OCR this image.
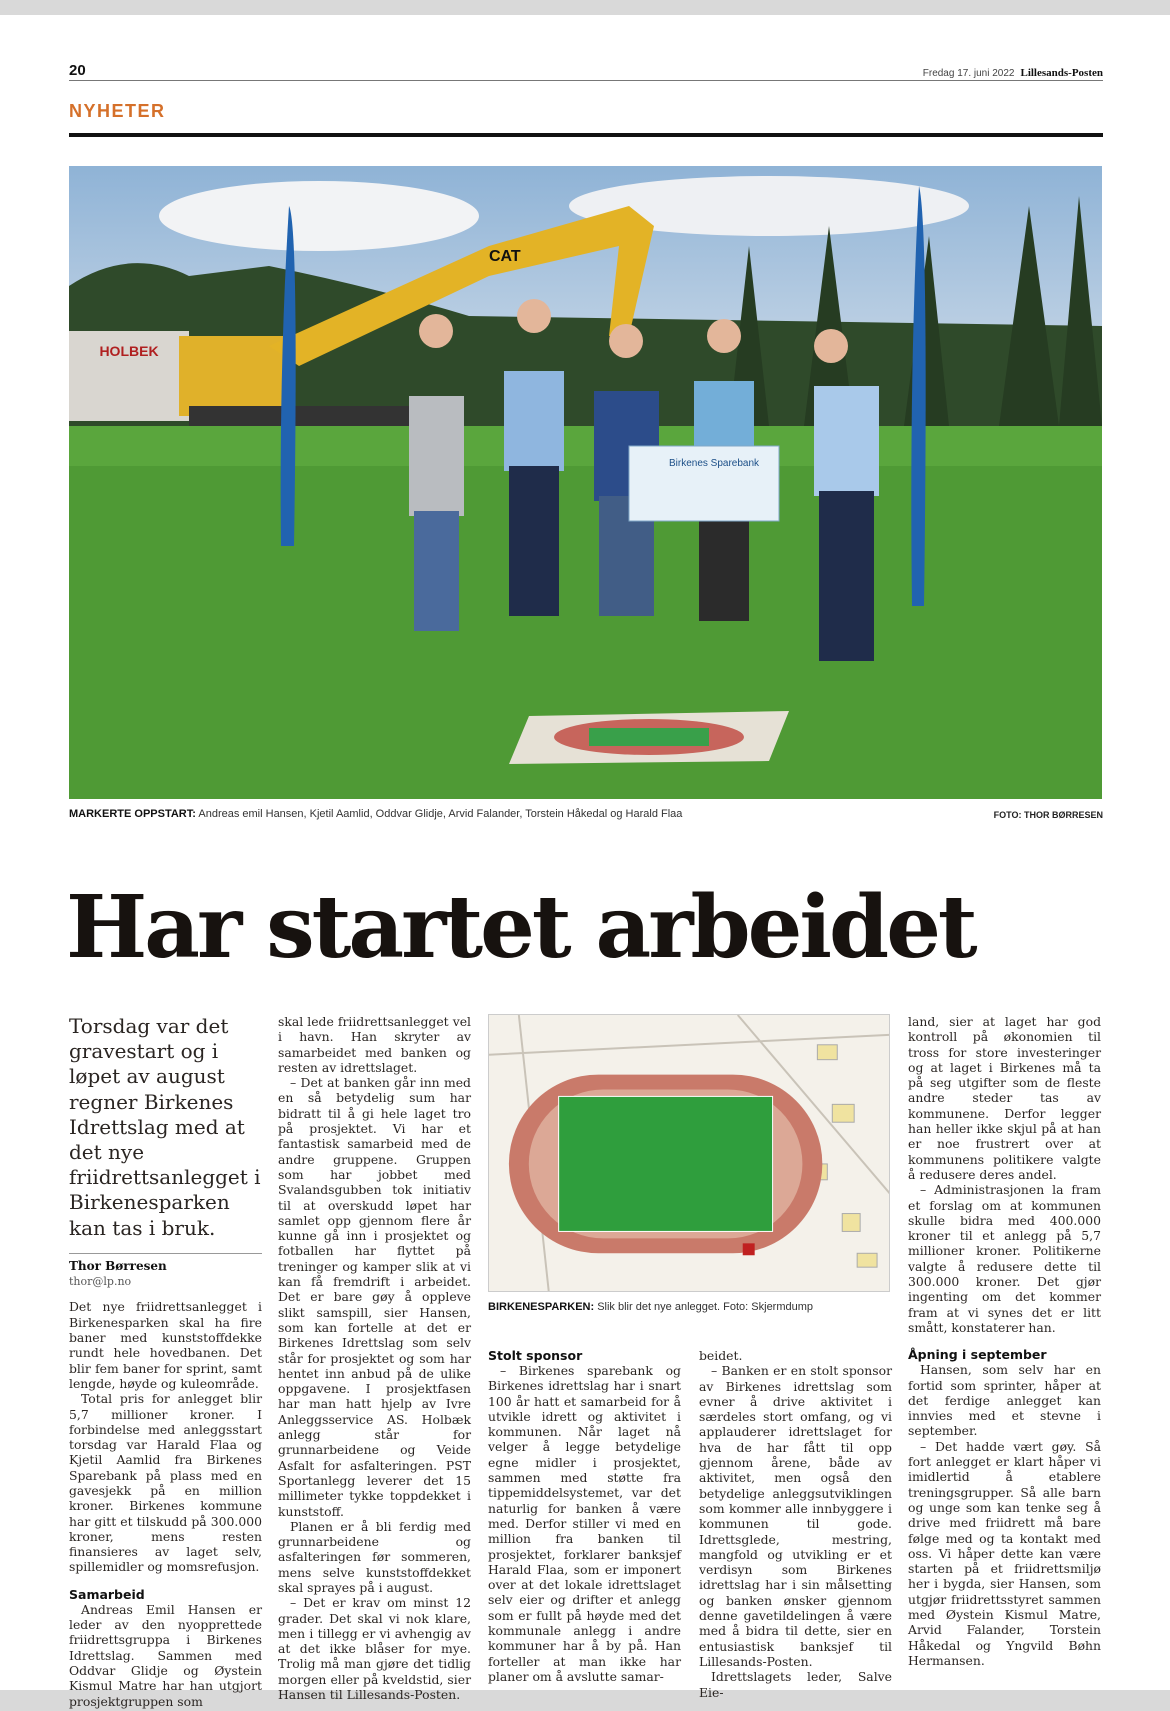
20	Fredag 17. juni 2022 Lillesands-Posten
NYHETER
HOLBEK
CAT
Birkenes Sparebank
MARKERTE OPPSTART: Andreas emil Hansen, Kjetil Aamlid, Oddvar Glidje, Arvid Falander, Torstein Håkedal og Harald Flaa	FOTO: THOR BØRRESEN
Har startet arbeidet
Torsdag var det gravestart og i løpet av august regner Birkenes Idrettslag med at det nye friidrettsanlegget i Birkenesparken kan tas i bruk.
Thor Børresen
thor@lp.no

Det nye friidrettsanlegget i Birkenesparken skal ha fire baner med kunststoffdekke rundt hele hovedbanen. Det blir fem baner for sprint, samt lengde, høyde og kuleområde.

Total pris for anlegget blir 5,7 millioner kroner. I forbindelse med anleggsstart torsdag var Harald Flaa og Kjetil Aamlid fra Birkenes Sparebank på plass med en gavesjekk på en million kroner. Birkenes kommune har gitt et tilskudd på 300.000 kroner, mens resten finansieres av laget selv, spillemidler og momsrefusjon.

Samarbeid

Andreas Emil Hansen er leder av den nyopprettede friidrettsgruppa i Birkenes Idrettslag. Sammen med Oddvar Glidje og Øystein Kismul Matre har han utgjort prosjektgruppen som

skal lede friidrettsanlegget vel i havn. Han skryter av samarbeidet med banken og resten av idrettslaget.

– Det at banken går inn med en så betydelig sum har bidratt til å gi hele laget tro på prosjektet. Vi har et fantastisk samarbeid med de andre gruppene. Gruppen som har jobbet med Svalandsgubben tok initiativ til at overskudd løpet har samlet opp gjennom flere år kunne gå inn i prosjektet og fotballen har flyttet på treninger og kamper slik at vi kan få fremdrift i arbeidet. Det er bare gøy å oppleve slikt samspill, sier Hansen, som kan fortelle at det er Birkenes Idrettslag som selv står for prosjektet og som har hentet inn anbud på de ulike oppgavene. I prosjektfasen har man hatt hjelp av Ivre Anleggsservice AS. Holbæk anlegg står for grunnarbeidene og Veide Asfalt for asfalteringen. PST Sportanlegg leverer det 15 millimeter tykke toppdekket i kunststoff.

Planen er å bli ferdig med grunnarbeidene og asfalteringen før sommeren, mens selve kunststoffdekket skal sprayes på i august.

– Det er krav om minst 12 grader. Det skal vi nok klare, men i tillegg er vi avhengig av at det ikke blåser for mye. Trolig må man gjøre det tidlig morgen eller på kveldstid, sier Hansen til Lillesands-Posten.

BIRKENESPARKEN: Slik blir det nye anlegget. Foto: Skjermdump

Stolt sponsor

– Birkenes sparebank og Birkenes idrettslag har i snart 100 år hatt et samarbeid for å utvikle idrett og aktivitet i kommunen. Når laget nå velger å legge betydelige egne midler i prosjektet, sammen med støtte fra tippemiddelsystemet, var det naturlig for banken å være med. Derfor stiller vi med en million fra banken til prosjektet, forklarer banksjef Harald Flaa, som er imponert over at det lokale idrettslaget selv eier og drifter et anlegg som er fullt på høyde med det kommunale anlegg i andre kommuner har å by på. Han forteller at man ikke har planer om å avslutte samar-

beidet.

– Banken er en stolt sponsor av Birkenes idrettslag som evner å drive aktivitet i særdeles stort omfang, og vi applauderer idrettslaget for hva de har fått til opp gjennom årene, både av aktivitet, men også den betydelige anleggsutviklingen som kommer alle innbyggere i kommunen til gode. Idrettsglede, mestring, mangfold og utvikling er et verdisyn som Birkenes idrettslag har i sin målsetting og banken ønsker gjennom denne gavetildelingen å være med å bidra til dette, sier en entusiastisk banksjef til Lillesands-Posten.

Idrettslagets leder, Salve Eie-

land, sier at laget har god kontroll på økonomien til tross for store investeringer og at laget i Birkenes må ta på seg utgifter som de fleste andre steder tas av kommunene. Derfor legger han heller ikke skjul på at han er noe frustrert over at kommunens politikere valgte å redusere deres andel.

– Administrasjonen la fram et forslag om at kommunen skulle bidra med 400.000 kroner til et anlegg på 5,7 millioner kroner. Politikerne valgte å redusere dette til 300.000 kroner. Det gjør ingenting om det kommer fram at vi synes det er litt smått, konstaterer han.

Åpning i september

Hansen, som selv har en fortid som sprinter, håper at det ferdige anlegget kan innvies med et stevne i september.

– Det hadde vært gøy. Så fort anlegget er klart håper vi imidlertid å etablere treningsgrupper. Så alle barn og unge som kan tenke seg å drive med friidrett må bare følge med og ta kontakt med oss. Vi håper dette kan være starten på et friidrettsmiljø her i bygda, sier Hansen, som utgjør friidrettsstyret sammen med Øystein Kismul Matre, Arvid Falander, Torstein Håkedal og Yngvild Bøhn Hermansen.
